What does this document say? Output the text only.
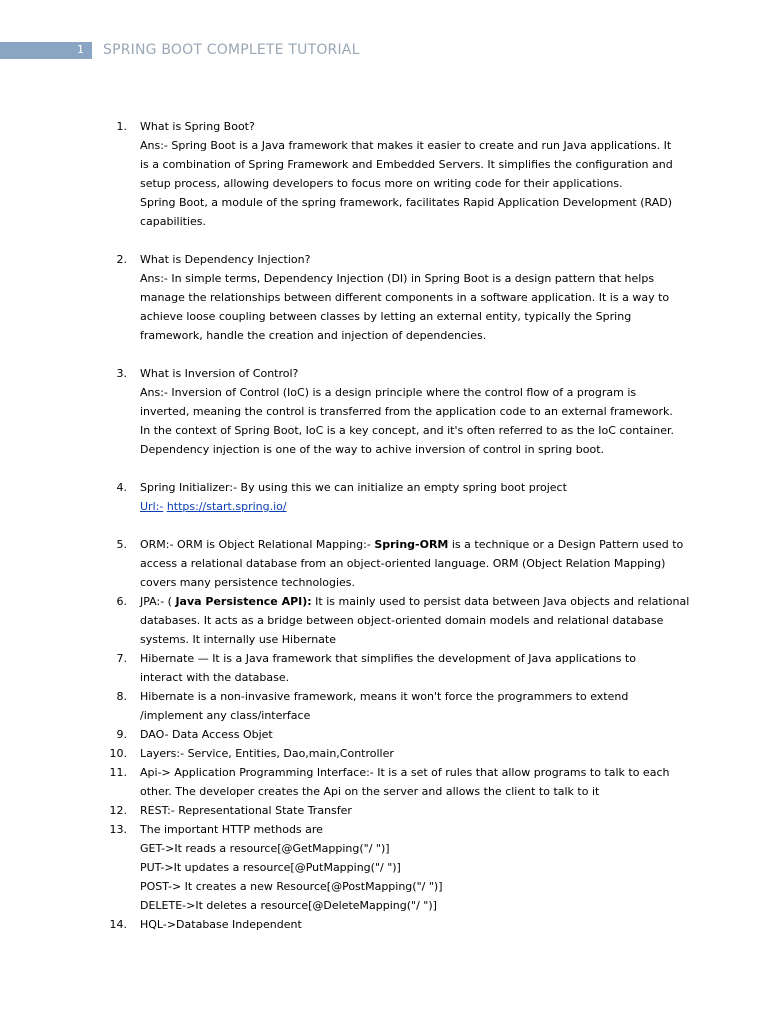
1 SPRING BOOT COMPLETE TUTORIAL
1. What is Spring Boot?
Ans:- Spring Boot is a Java framework that makes it easier to create and run Java applications. It
is a combination of Spring Framework and Embedded Servers. It simplifies the configuration and
setup process, allowing developers to focus more on writing code for their applications.
Spring Boot, a module of the spring framework, facilitates Rapid Application Development (RAD)
capabilities.
2. What is Dependency Injection?
Ans:- In simple terms, Dependency Injection (DI) in Spring Boot is a design pattern that helps
manage the relationships between different components in a software application. It is a way to
achieve loose coupling between classes by letting an external entity, typically the Spring
framework, handle the creation and injection of dependencies.
3. What is Inversion of Control?
Ans:- Inversion of Control (IoC) is a design principle where the control flow of a program is
inverted, meaning the control is transferred from the application code to an external framework.
In the context of Spring Boot, IoC is a key concept, and it's often referred to as the IoC container.
Dependency injection is one of the way to achive inversion of control in spring boot.
4. Spring Initializer:- By using this we can initialize an empty spring boot project
Url:- https://start.spring.io/
5. ORM:- ORM is Object Relational Mapping:- Spring-ORM is a technique or a Design Pattern used to
access a relational database from an object-oriented language. ORM (Object Relation Mapping)
covers many persistence technologies.
6. JPA:- ( Java Persistence API): It is mainly used to persist data between Java objects and relational
databases. It acts as a bridge between object-oriented domain models and relational database
systems. It internally use Hibernate
7. Hibernate — It is a Java framework that simplifies the development of Java applications to
interact with the database.
8. Hibernate is a non-invasive framework, means it won't force the programmers to extend
/implement any class/interface
9. DAO- Data Access Objet
10. Layers:- Service, Entities, Dao,main,Controller
11. Api-> Application Programming Interface:- It is a set of rules that allow programs to talk to each
other. The developer creates the Api on the server and allows the client to talk to it
12. REST:- Representational State Transfer
13. The important HTTP methods are
GET->It reads a resource[@GetMapping("/ ")]
PUT->It updates a resource[@PutMapping("/ ")]
POST-> It creates a new Resource[@PostMapping("/ ")]
DELETE->It deletes a resource[@DeleteMapping("/ ")]
14. HQL->Database Independent
